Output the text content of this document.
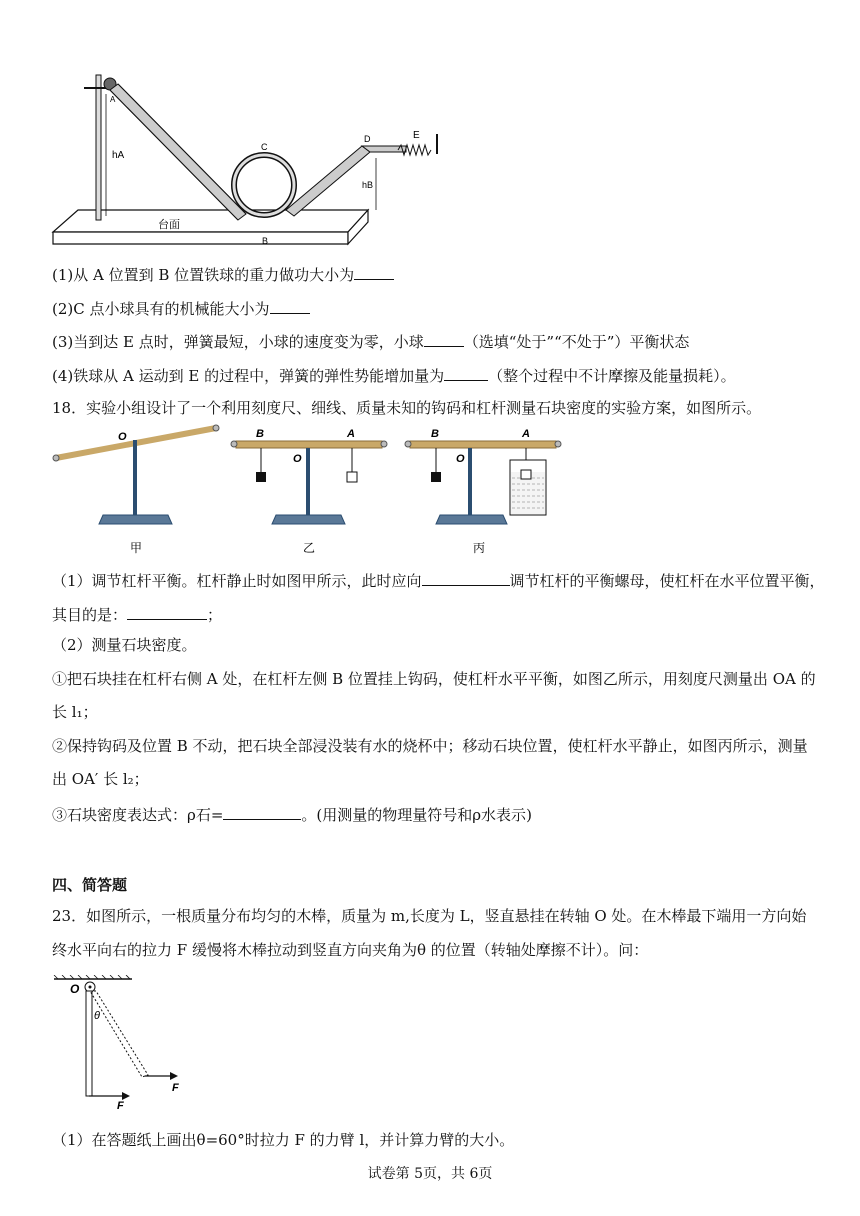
台面
hA
A
C
B
D
hB
E
(1)从 A 位置到 B 位置铁球的重力做功大小为
(2)C 点小球具有的机械能大小为
(3)当到达 E 点时，弹簧最短，小球的速度变为零，小球	（选填“处于”“不处于”）平衡状态
(4)铁球从 A 运动到 E 的过程中，弹簧的弹性势能增加量为	（整个过程中不计摩擦及能量损耗）。
18．实验小组设计了一个利用刻度尺、细线、质量未知的钩码和杠杆测量石块密度的实验方案，如图所示。
O
甲
B	A
O
乙
B	A
O
丙
（1）调节杠杆平衡。杠杆静止时如图甲所示，此时应向	调节杠杆的平衡螺母，使杠杆在水平位置平衡，
其目的是：	；
（2）测量石块密度。
①把石块挂在杠杆右侧 A 处，在杠杆左侧 B 位置挂上钩码，使杠杆水平平衡，如图乙所示，用刻度尺测量出 OA 的
长 l₁；
②保持钩码及位置 B 不动，把石块全部浸没装有水的烧杯中；移动石块位置，使杠杆水平静止，如图丙所示，测量
出 OA′ 长 l₂；
③石块密度表达式：ρ石=	。(用测量的物理量符号和ρ水表示)
四、简答题
23．如图所示，一根质量分布均匀的木棒，质量为 m,长度为 L，竖直悬挂在转轴 O 处。在木棒最下端用一方向始
终水平向右的拉力 F 缓慢将木棒拉动到竖直方向夹角为θ 的位置（转轴处摩擦不计）。问：
O
θ
F
F
（1）在答题纸上画出θ=60°时拉力 F 的力臂 l，并计算力臂的大小。
试卷第 5页，共 6页
